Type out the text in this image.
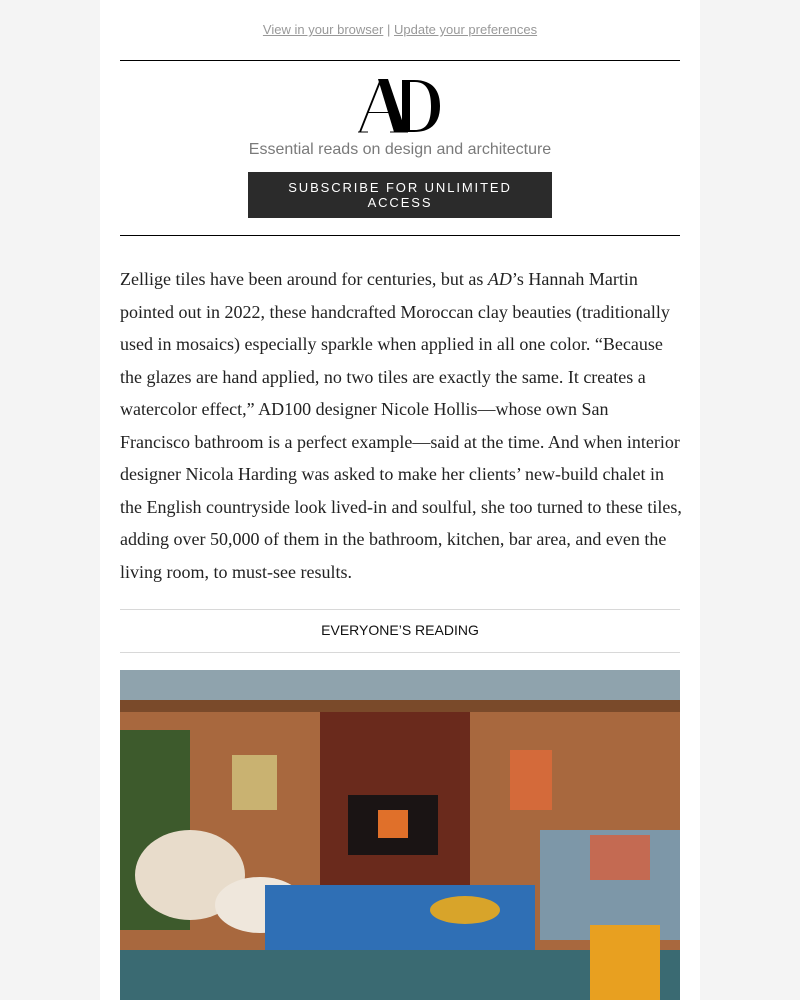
View in your browser | Update your preferences
Essential reads on design and architecture
SUBSCRIBE FOR UNLIMITED ACCESS
Zellige tiles have been around for centuries, but as AD’s Hannah Martin pointed out in 2022, these handcrafted Moroccan clay beauties (traditionally used in mosaics) especially sparkle when applied in all one color. “Because the glazes are hand applied, no two tiles are exactly the same. It creates a watercolor effect,” AD100 designer Nicole Hollis—whose own San Francisco bathroom is a perfect example—said at the time. And when interior designer Nicola Harding was asked to make her clients’ new-build chalet in the English countryside look lived-in and soulful, she too turned to these tiles, adding over 50,000 of them in the bathroom, kitchen, bar area, and even the living room, to must-see results.
EVERYONE’S READING
